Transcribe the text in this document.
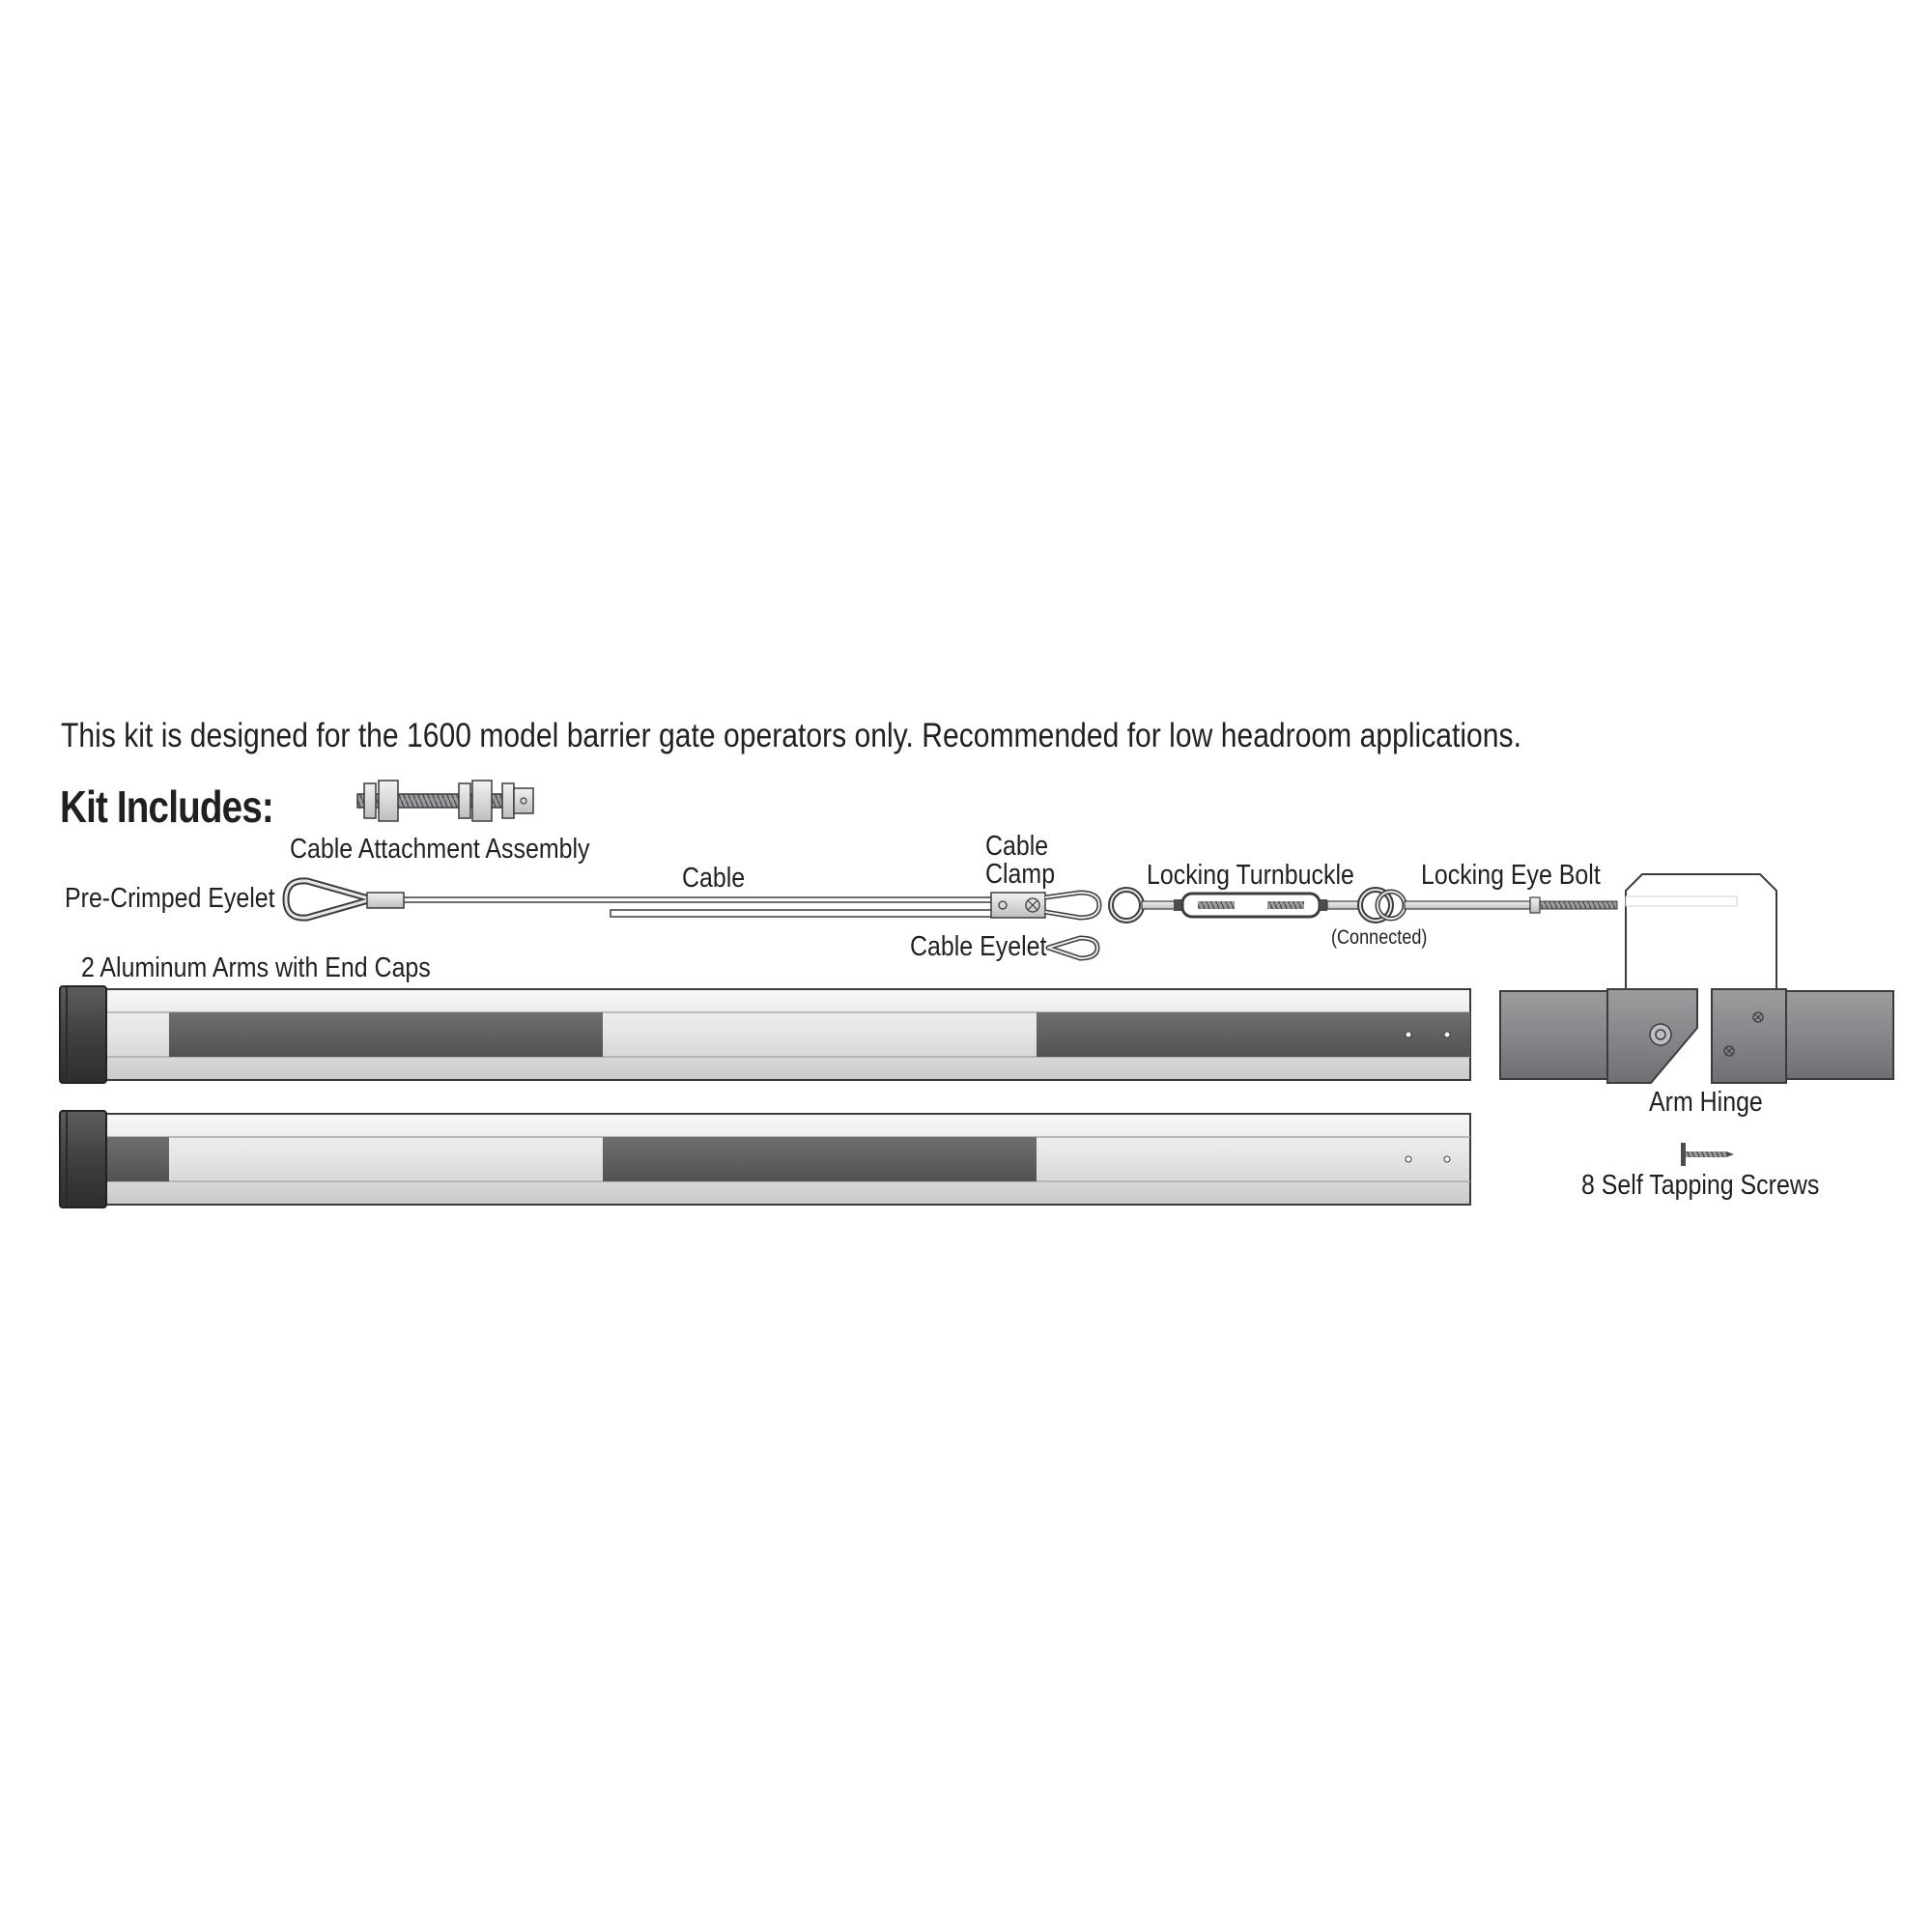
This kit is designed for the 1600 model barrier gate operators only. Recommended for low headroom applications.
Kit Includes:
Cable Attachment Assembly
Pre-Crimped Eyelet
Cable
Cable
Clamp
Cable Eyelet
Locking Turnbuckle
(Connected)
Locking Eye Bolt
2 Aluminum Arms with End Caps
Arm Hinge
8 Self Tapping Screws
